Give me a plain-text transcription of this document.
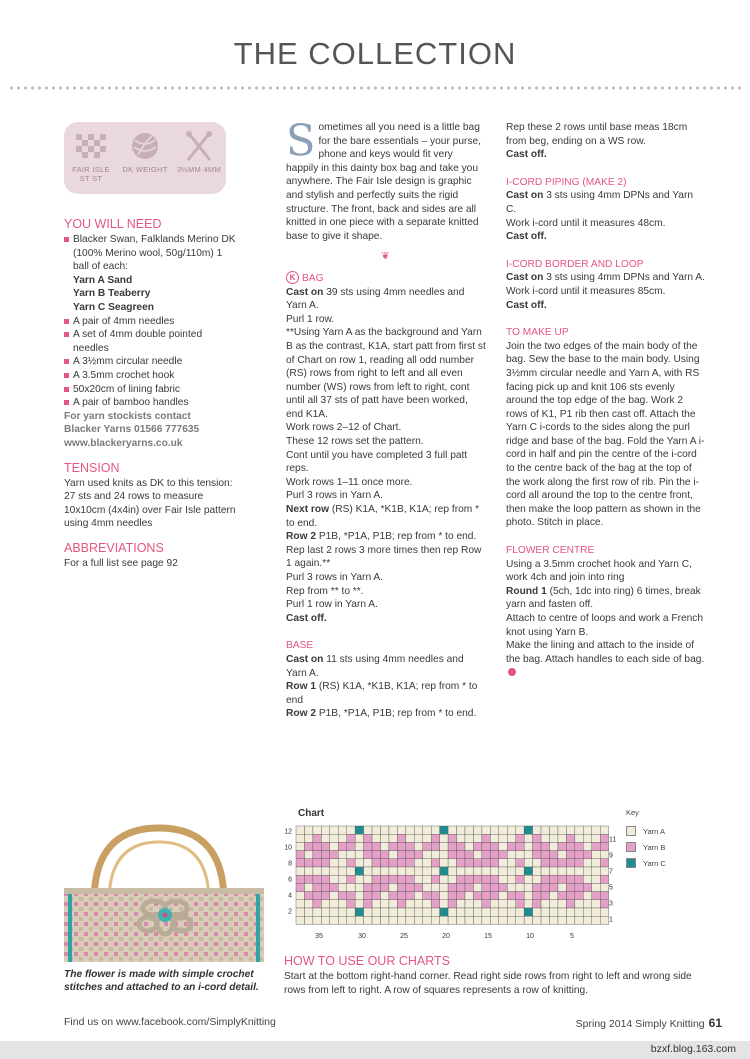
THE COLLECTION
FAIR ISLE ST ST
DK WEIGHT 3½MM 4MM
YOU WILL NEED

Blacker Swan, Falklands Merino DK (100% Merino wool, 50g/110m) 1 ball of each:

Yarn A Sand

Yarn B Teaberry

Yarn C Seagreen

A pair of 4mm needles

A set of 4mm double pointed needles

A 3½mm circular needle

A 3.5mm crochet hook

50x20cm of lining fabric

A pair of bamboo handles

For yarn stockists contact

Blacker Yarns 01566 777635

www.blackeryarns.co.uk

TENSION

Yarn used knits as DK to this tension: 27 sts and 24 rows to measure 10x10cm (4x4in) over Fair Isle pattern using 4mm needles

ABBREVIATIONS

For a full list see page 92

Sometimes all you need is a little bag for the bare essentials – your purse, phone and keys would fit very happily in this dainty box bag and take you anywhere. The Fair Isle design is graphic and stylish and perfectly suits the rigid structure. The front, back and sides are all knitted in one piece with a separate knitted base to give it shape.

❦
K BAG

Cast on 39 sts using 4mm needles and Yarn A.

Purl 1 row.

**Using Yarn A as the background and Yarn B as the contrast, K1A, start patt from first st of Chart on row 1, reading all odd number (RS) rows from right to left and all even number (WS) rows from left to right, cont until all 37 sts of patt have been worked, end K1A.

Work rows 2–12 of Chart.

These 12 rows set the pattern.

Cont until you have completed 3 full patt reps.

Work rows 1–11 once more.

Purl 3 rows in Yarn A.

Next row (RS) K1A, *K1B, K1A; rep from * to end.

Row 2 P1B, *P1A, P1B; rep from * to end.

Rep last 2 rows 3 more times then rep Row 1 again.**

Purl 3 rows in Yarn A.

Rep from ** to **.

Purl 1 row in Yarn A.

Cast off.

BASE

Cast on 11 sts using 4mm needles and Yarn A.

Row 1 (RS) K1A, *K1B, K1A; rep from * to end

Row 2 P1B, *P1A, P1B; rep from * to end.

Rep these 2 rows until base meas 18cm from beg, ending on a WS row.

Cast off.

I-CORD PIPING (MAKE 2)

Cast on 3 sts using 4mm DPNs and Yarn C.

Work i-cord until it measures 48cm.

Cast off.

I-CORD BORDER AND LOOP

Cast on 3 sts using 4mm DPNs and Yarn A.

Work i-cord until it measures 85cm.

Cast off.

TO MAKE UP

Join the two edges of the main body of the bag. Sew the base to the main body. Using 3½mm circular needle and Yarn A, with RS facing pick up and knit 106 sts evenly around the top edge of the bag. Work 2 rows of K1, P1 rib then cast off. Attach the Yarn C i-cords to the sides along the purl ridge and base of the bag. Fold the Yarn A i-cord in half and pin the centre of the i-cord to the centre back of the bag at the top of the work along the first row of rib. Pin the i-cord all around the top to the centre front, then make the loop pattern as shown in the photo. Stitch in place.

FLOWER CENTRE

Using a 3.5mm crochet hook and Yarn C, work 4ch and join into ring

Round 1 (5ch, 1dc into ring) 6 times, break yarn and fasten off.

Attach to centre of loops and work a French knot using Yarn B.

Make the lining and attach to the inside of the bag. Attach handles to each side of bag.

The flower is made with simple crochet stitches and attached to an i-cord detail.
Chart
12
10
8
6
4
2
11
9
7
5
3
1
35	30	25	20	15	10	5
Key
Yarn A
Yarn B
Yarn C
HOW TO USE OUR CHARTS
Start at the bottom right-hand corner. Read right side rows from right to left and wrong side rows from left to right. A row of squares represents a row of knitting.
Find us on www.facebook.com/SimplyKnitting	Spring 2014 Simply Knitting 61
bzxf.blog.163.com
